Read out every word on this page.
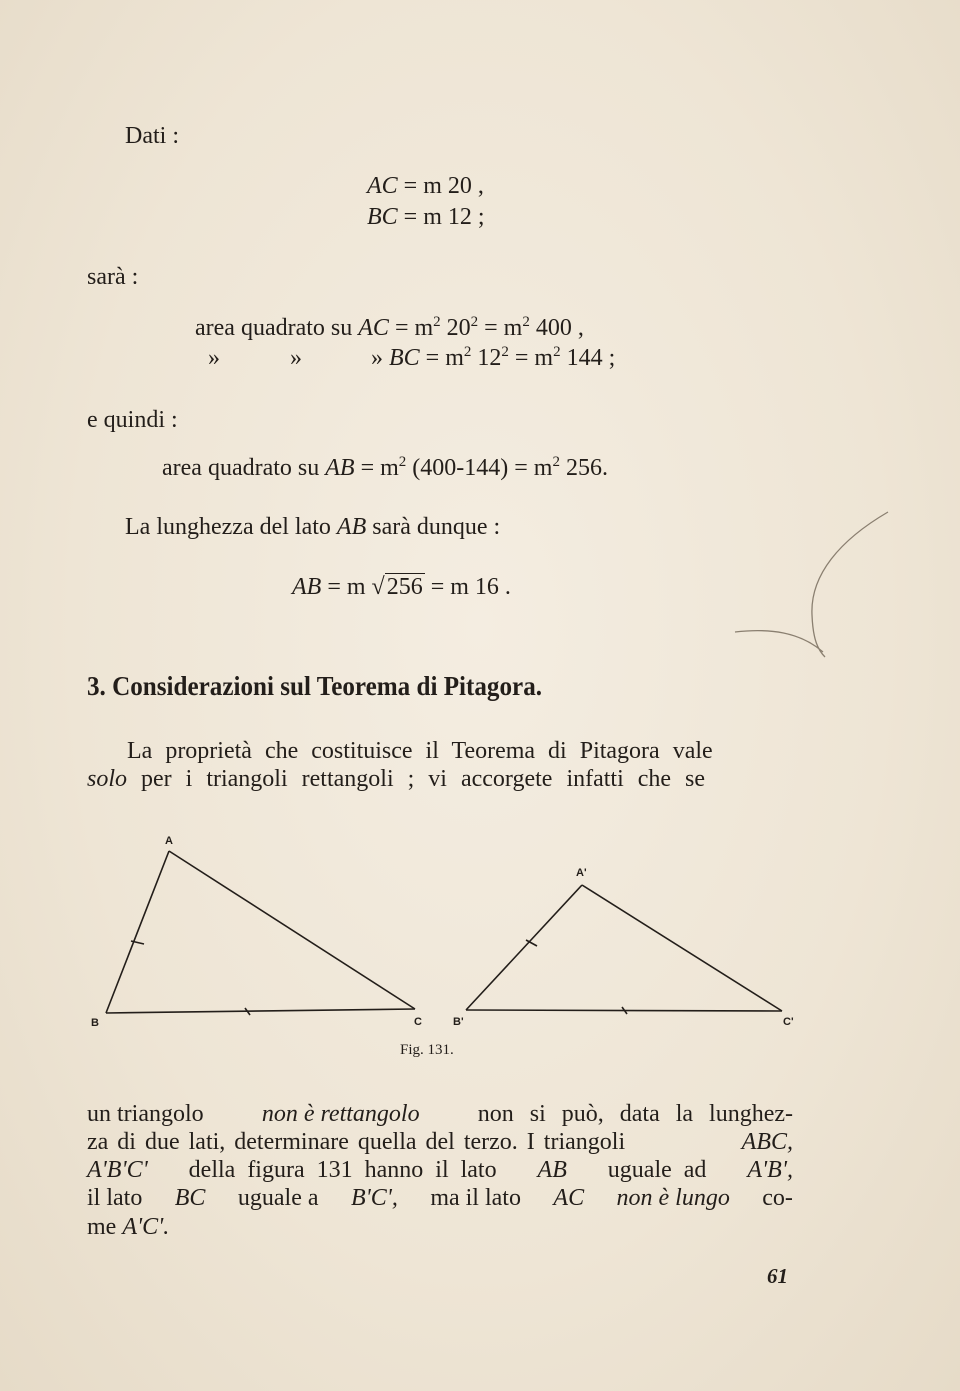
Dati :
AC = m 20 ,
BC = m 12 ;
sarà :
area quadrato su AC = $m^2$ $20^2 = m^2$ 400 ,
»	»	» BC = $m^2$ $12^2 = m^2$ 144 ;
e quindi :
area quadrato su AB = $m^2$ $(400-144) = m^2$ 256.
La lunghezza del lato AB sarà dunque :
AB = m √256 = m 16 .
3. Considerazioni sul Teorema di Pitagora.
La proprietà che costituisce il Teorema di Pitagora vale
solo per i triangoli rettangoli ; vi accorgete infatti che se
A
B	C
A'
B'	C'
Fig. 131.
un triangolo non è rettangolo non si può, data la lunghez-
za di due lati, determinare quella del terzo. I triangoli	ABC,
A'B'C' della figura 131 hanno il lato AB uguale ad A'B',
il lato BC uguale a B'C', ma il lato AC non è lungo co-
me A'C'.
61
